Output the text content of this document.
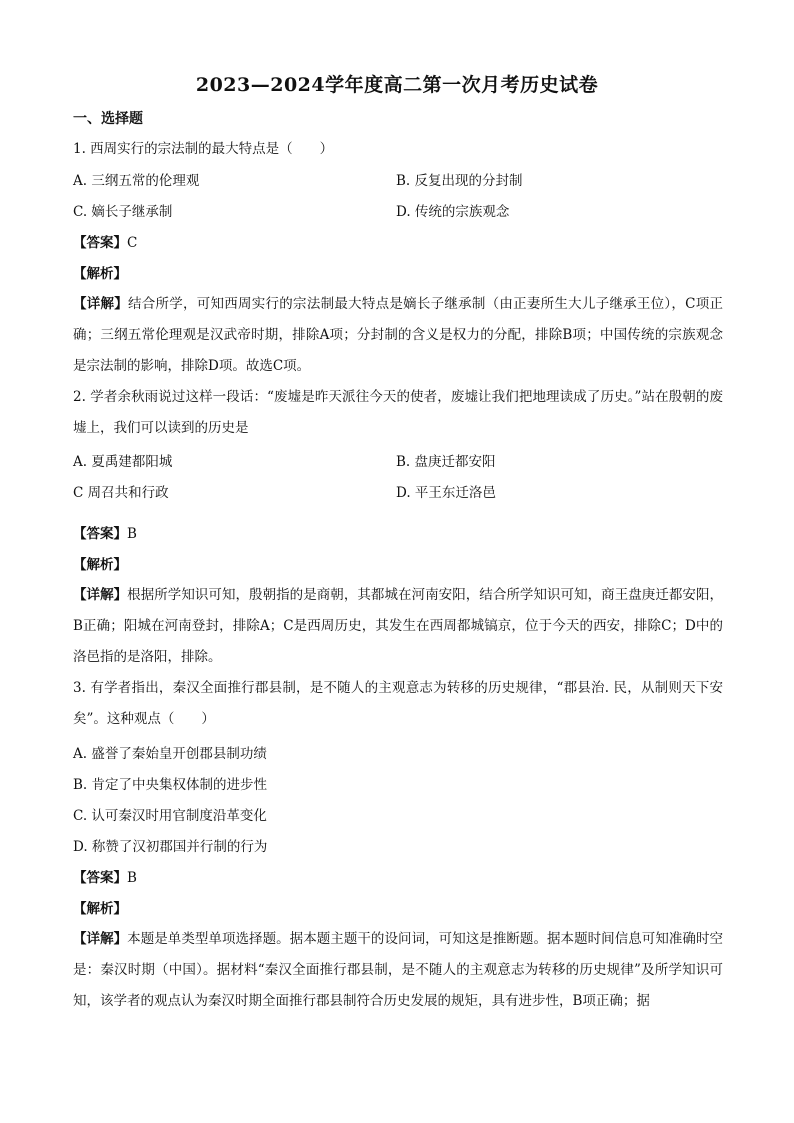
2023—2024学年度高二第一次月考历史试卷
一、选择题
1. 西周实行的宗法制的最大特点是（　　）
A. 三纲五常的伦理观	B. 反复出现的分封制
C. 嫡长子继承制	D. 传统的宗族观念
【答案】C
【解析】

【详解】结合所学，可知西周实行的宗法制最大特点是嫡长子继承制（由正妻所生大儿子继承王位），C项正确；三纲五常伦理观是汉武帝时期，排除A项；分封制的含义是权力的分配，排除B项；中国传统的宗族观念是宗法制的影响，排除D项。故选C项。

2. 学者余秋雨说过这样一段话：“废墟是昨天派往今天的使者，废墟让我们把地理读成了历史。”站在殷朝的废墟上，我们可以读到的历史是

A. 夏禹建都阳城	B. 盘庚迁都安阳
C 周召共和行政	D. 平王东迁洛邑
【答案】B
【解析】

【详解】根据所学知识可知，殷朝指的是商朝，其都城在河南安阳，结合所学知识可知，商王盘庚迁都安阳，B正确；阳城在河南登封，排除A；C是西周历史，其发生在西周都城镐京，位于今天的西安，排除C；D中的洛邑指的是洛阳，排除。

3. 有学者指出，秦汉全面推行郡县制，是不随人的主观意志为转移的历史规律，“郡县治. 民，从制则天下安矣”。这种观点（　　）

A. 盛誉了秦始皇开创郡县制功绩
B. 肯定了中央集权体制的进步性
C. 认可秦汉时用官制度沿革变化
D. 称赞了汉初郡国并行制的行为
【答案】B
【解析】

【详解】本题是单类型单项选择题。据本题主题干的设问词，可知这是推断题。据本题时间信息可知准确时空是：秦汉时期（中国）。据材料“秦汉全面推行郡县制，是不随人的主观意志为转移的历史规律”及所学知识可知，该学者的观点认为秦汉时期全面推行郡县制符合历史发展的规矩，具有进步性，B项正确；据
